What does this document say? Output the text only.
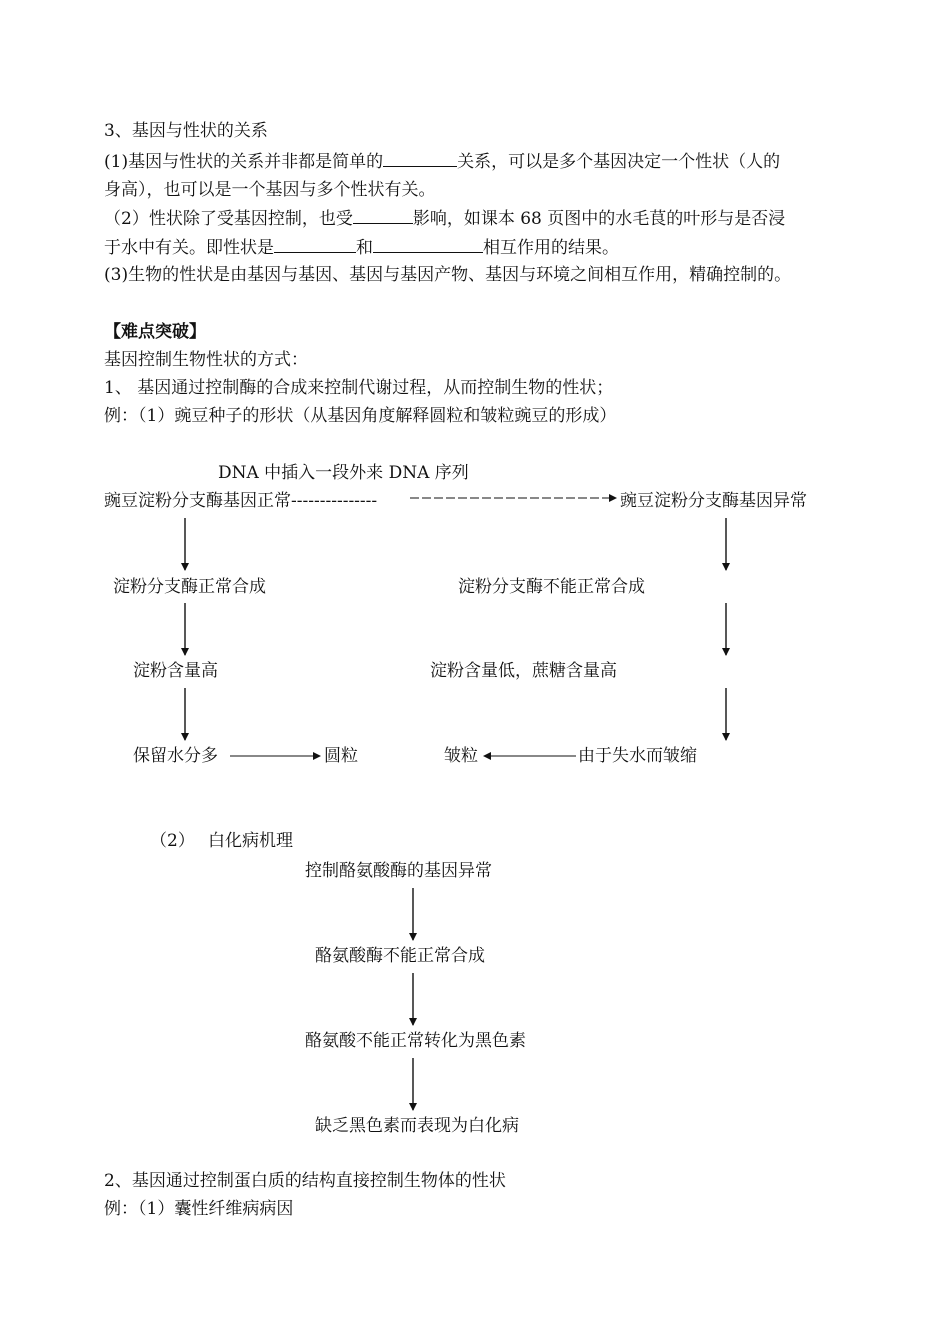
3、基因与性状的关系
(1)基因与性状的关系并非都是简单的	关系，可以是多个基因决定一个性状（人的
身高），也可以是一个基因与多个性状有关。
（2）性状除了受基因控制，也受	影响，如课本 68 页图中的水毛茛的叶形与是否浸
于水中有关。即性状是	和	相互作用的结果。
(3)生物的性状是由基因与基因、基因与基因产物、基因与环境之间相互作用，精确控制的。
【难点突破】
基因控制生物性状的方式：
1、 基因通过控制酶的合成来控制代谢过程，从而控制生物的性状；
例：（1）豌豆种子的形状（从基因角度解释圆粒和皱粒豌豆的形成）
DNA 中插入一段外来 DNA 序列
豌豆淀粉分支酶基因正常---------------	豌豆淀粉分支酶基因异常
淀粉分支酶正常合成
淀粉含量高
保留水分多	圆粒
淀粉分支酶不能正常合成
淀粉含量低，蔗糖含量高
皱粒	由于失水而皱缩
（2） 白化病机理
控制酪氨酸酶的基因异常
酪氨酸酶不能正常合成
酪氨酸不能正常转化为黑色素
缺乏黑色素而表现为白化病
2、基因通过控制蛋白质的结构直接控制生物体的性状
例：（1）囊性纤维病病因
